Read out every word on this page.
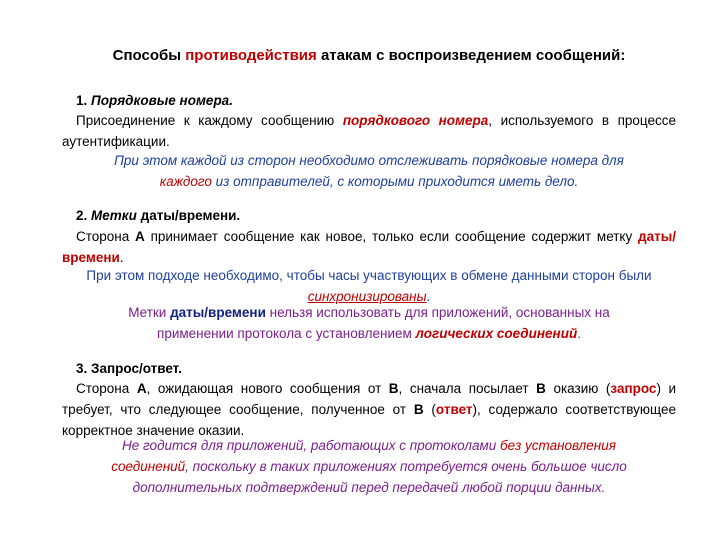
Способы противодействия атакам с воспроизведением сообщений:
1. Порядковые номера.
Присоединение к каждому сообщению порядкового номера, используемого в процессе аутентификации.
При этом каждой из сторон необходимо отслеживать порядковые номера для каждого из отправителей, с которыми приходится иметь дело.
2. Метки даты/времени.
Сторона А принимает сообщение как новое, только если сообщение содержит метку даты/времени.
При этом подходе необходимо, чтобы часы участвующих в обмене данными сторон были синхронизированы.
Метки даты/времени нельзя использовать для приложений, основанных на применении протокола с установлением логических соединений.
3. Запрос/ответ.
Сторона А, ожидающая нового сообщения от В, сначала посылает В оказию (запрос) и требует, что следующее сообщение, полученное от В (ответ), содержало соответствующее корректное значение оказии.
Не годится для приложений, работающих с протоколами без установления соединений, поскольку в таких приложениях потребуется очень большое число дополнительных подтверждений перед передачей любой порции данных.
